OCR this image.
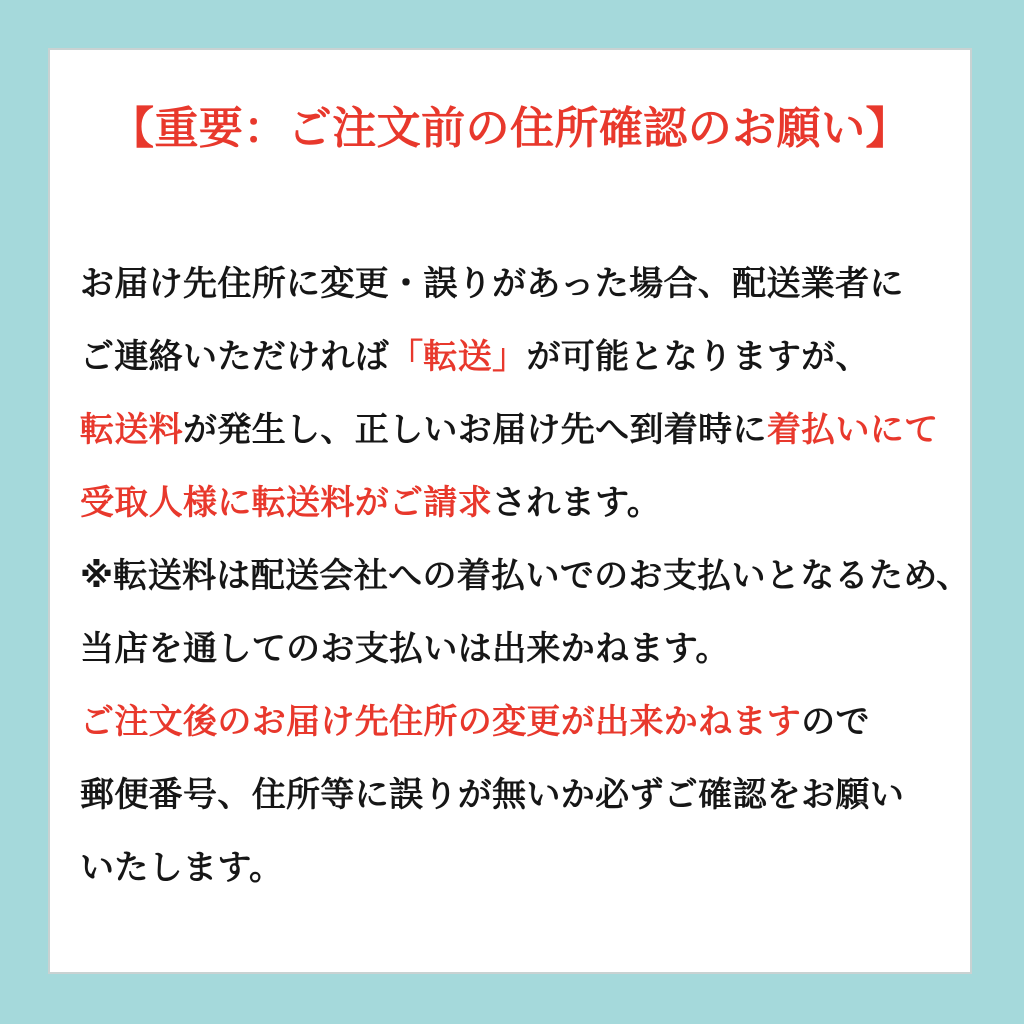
【重要：ご注文前の住所確認のお願い】
お届け先住所に変更・誤りがあった場合、配送業者に
ご連絡いただければ「転送」が可能となりますが、
転送料が発生し、正しいお届け先へ到着時に着払いにて
受取人様に転送料がご請求されます。
※転送料は配送会社への着払いでのお支払いとなるため、
当店を通してのお支払いは出来かねます。
ご注文後のお届け先住所の変更が出来かねますので
郵便番号、住所等に誤りが無いか必ずご確認をお願い
いたします。
